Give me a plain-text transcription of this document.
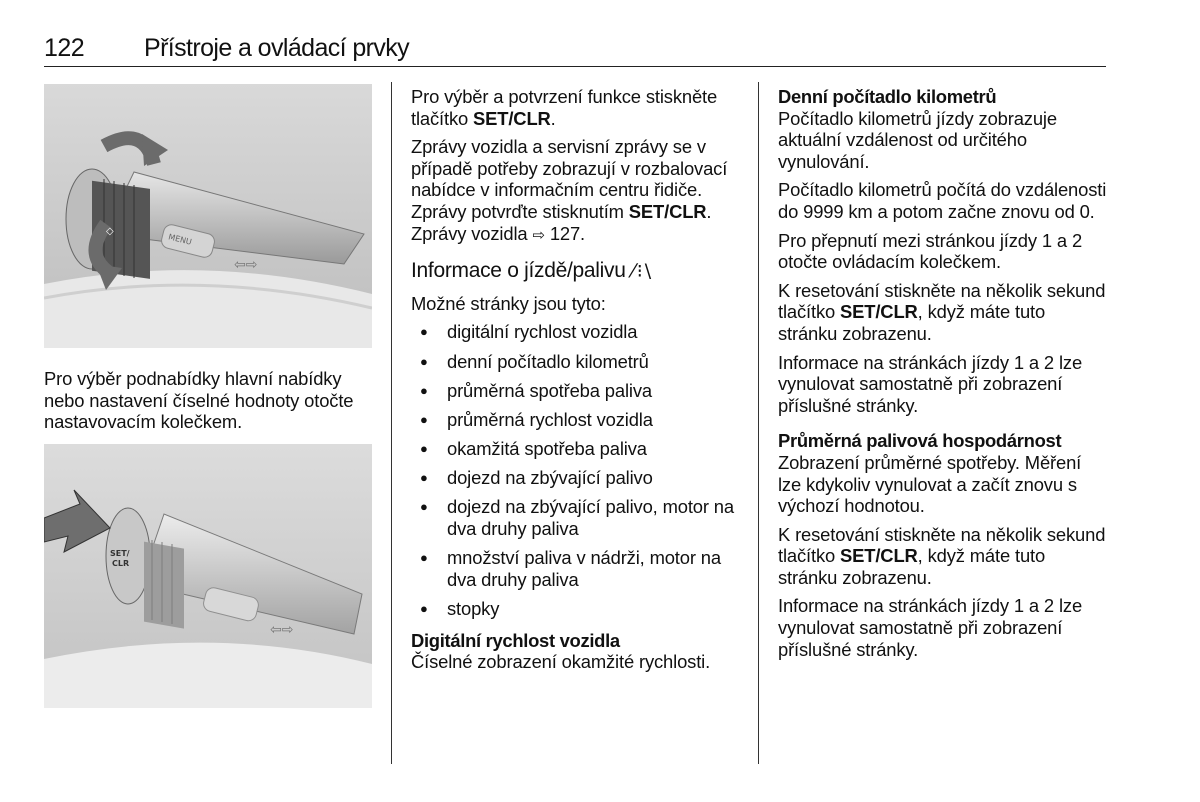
122 Přístroje a ovládací prvky
MENU
⇦⇨
◇
Pro výběr podnabídky hlavní nabídky nebo nastavení číselné hodnoty otočte nastavovacím kolečkem.
SET/
CLR
⇦⇨

Pro výběr a potvrzení funkce stiskněte tlačítko SET/CLR.

Zprávy vozidla a servisní zprávy se v případě potřeby zobrazují v rozbalovací nabídce v informačním centru řidiče. Zprávy potvrďte stisknutím SET/CLR. Zprávy vozidla ⇨ 127.

Informace o jízdě/palivu ⁄⁝\

Možné stránky jsou tyto:

● digitální rychlost vozidla
● denní počítadlo kilometrů
● průměrná spotřeba paliva
● průměrná rychlost vozidla
● okamžitá spotřeba paliva
● dojezd na zbývající palivo
● dojezd na zbývající palivo, motor na dva druhy paliva
● množství paliva v nádrži, motor na dva druhy paliva
● stopky
Digitální rychlost vozidla

Číselné zobrazení okamžité rychlosti.

Denní počítadlo kilometrů

Počítadlo kilometrů jízdy zobrazuje aktuální vzdálenost od určitého vynulování.

Počítadlo kilometrů počítá do vzdálenosti do 9999 km a potom začne znovu od 0.

Pro přepnutí mezi stránkou jízdy 1 a 2 otočte ovládacím kolečkem.

K resetování stiskněte na několik sekund tlačítko SET/CLR, když máte tuto stránku zobrazenu.

Informace na stránkách jízdy 1 a 2 lze vynulovat samostatně při zobrazení příslušné stránky.

Průměrná palivová hospodárnost

Zobrazení průměrné spotřeby. Měření lze kdykoliv vynulovat a začít znovu s výchozí hodnotou.

K resetování stiskněte na několik sekund tlačítko SET/CLR, když máte tuto stránku zobrazenu.

Informace na stránkách jízdy 1 a 2 lze vynulovat samostatně při zobrazení příslušné stránky.
